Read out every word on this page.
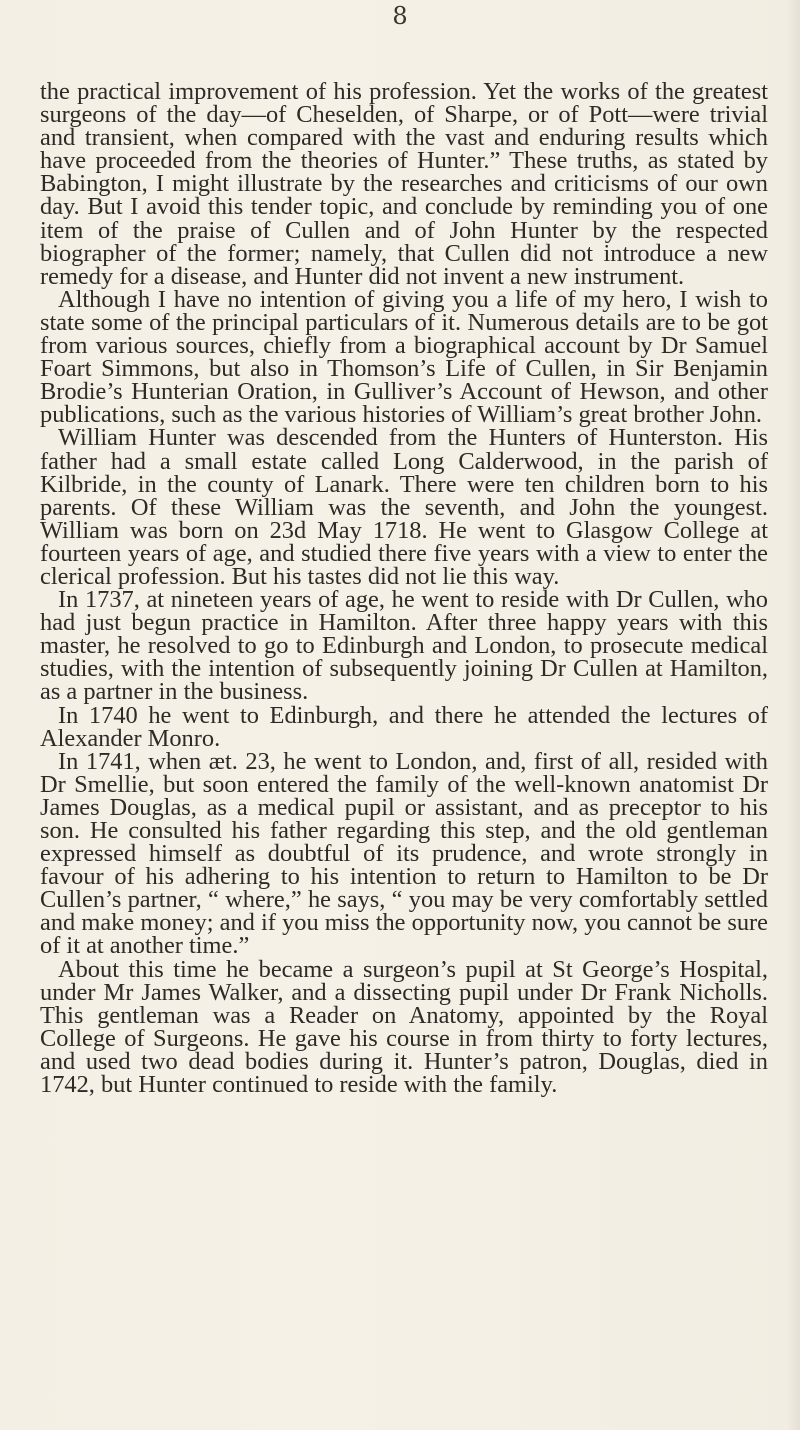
8

the practical improvement of his profession. Yet the works of the greatest surgeons of the day—of Cheselden, of Sharpe, or of Pott—were trivial and transient, when compared with the vast and enduring results which have proceeded from the theories of Hunter.” These truths, as stated by Babington, I might illustrate by the researches and criticisms of our own day. But I avoid this tender topic, and conclude by reminding you of one item of the praise of Cullen and of John Hunter by the respected biographer of the former; namely, that Cullen did not introduce a new remedy for a disease, and Hunter did not invent a new instrument.

Although I have no intention of giving you a life of my hero, I wish to state some of the principal particulars of it. Numerous details are to be got from various sources, chiefly from a biographical account by Dr Samuel Foart Simmons, but also in Thomson’s Life of Cullen, in Sir Benjamin Brodie’s Hunterian Oration, in Gulliver’s Account of Hewson, and other publications, such as the various histories of William’s great brother John.

William Hunter was descended from the Hunters of Hunterston. His father had a small estate called Long Calderwood, in the parish of Kilbride, in the county of Lanark. There were ten children born to his parents. Of these William was the seventh, and John the youngest. William was born on 23d May 1718. He went to Glasgow College at fourteen years of age, and studied there five years with a view to enter the clerical profession. But his tastes did not lie this way.

In 1737, at nineteen years of age, he went to reside with Dr Cullen, who had just begun practice in Hamilton. After three happy years with this master, he resolved to go to Edinburgh and London, to prosecute medical studies, with the intention of subsequently joining Dr Cullen at Hamilton, as a partner in the business.

In 1740 he went to Edinburgh, and there he attended the lectures of Alexander Monro.

In 1741, when æt. 23, he went to London, and, first of all, resided with Dr Smellie, but soon entered the family of the well-known anatomist Dr James Douglas, as a medical pupil or assistant, and as preceptor to his son. He consulted his father regarding this step, and the old gentleman expressed himself as doubtful of its prudence, and wrote strongly in favour of his adhering to his intention to return to Hamilton to be Dr Cullen’s partner, “ where,” he says, “ you may be very comfortably settled and make money; and if you miss the opportunity now, you cannot be sure of it at another time.”

About this time he became a surgeon’s pupil at St George’s Hospital, under Mr James Walker, and a dissecting pupil under Dr Frank Nicholls. This gentleman was a Reader on Anatomy, appointed by the Royal College of Surgeons. He gave his course in from thirty to forty lectures, and used two dead bodies during it. Hunter’s patron, Douglas, died in 1742, but Hunter continued to reside with the family.
